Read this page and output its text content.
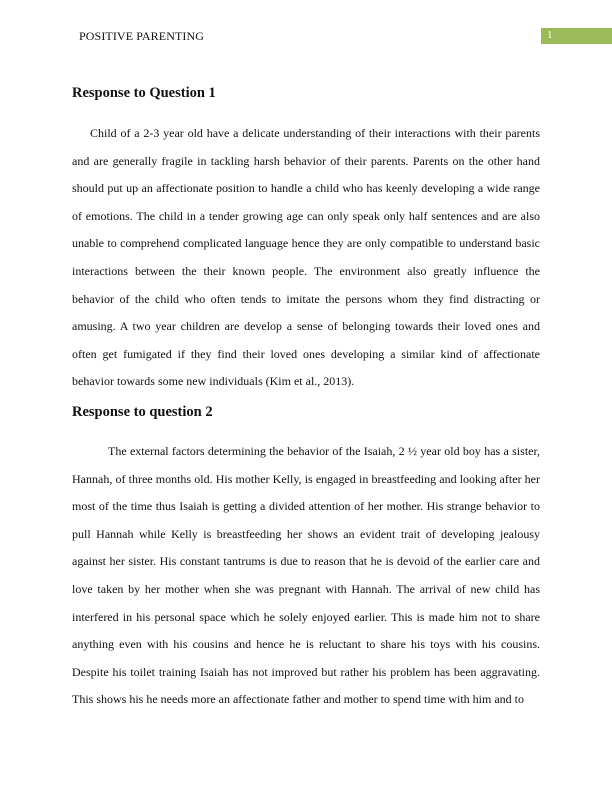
POSITIVE PARENTING	1
Response to Question 1

Child of a 2-3 year old have a delicate understanding of their interactions with their parents and are generally fragile in tackling harsh behavior of their parents. Parents on the other hand should put up an affectionate position to handle a child who has keenly developing a wide range of emotions. The child in a tender growing age can only speak only half sentences and are also unable to comprehend complicated language hence they are only compatible to understand basic interactions between the their known people. The environment also greatly influence the behavior of the child who often tends to imitate the persons whom they find distracting or amusing. A two year children are develop a sense of belonging towards their loved ones and often get fumigated if they find their loved ones developing a similar kind of affectionate behavior towards some new individuals (Kim et al., 2013).

Response to question 2

The external factors determining the behavior of the Isaiah, 2 ½ year old boy has a sister, Hannah, of three months old. His mother Kelly, is engaged in breastfeeding and looking after her most of the time thus Isaiah is getting a divided attention of her mother. His strange behavior to pull Hannah while Kelly is breastfeeding her shows an evident trait of developing jealousy against her sister. His constant tantrums is due to reason that he is devoid of the earlier care and love taken by her mother when she was pregnant with Hannah. The arrival of new child has interfered in his personal space which he solely enjoyed earlier. This is made him not to share anything even with his cousins and hence he is reluctant to share his toys with his cousins. Despite his toilet training Isaiah has not improved but rather his problem has been aggravating. This shows his he needs more an affectionate father and mother to spend time with him and to
